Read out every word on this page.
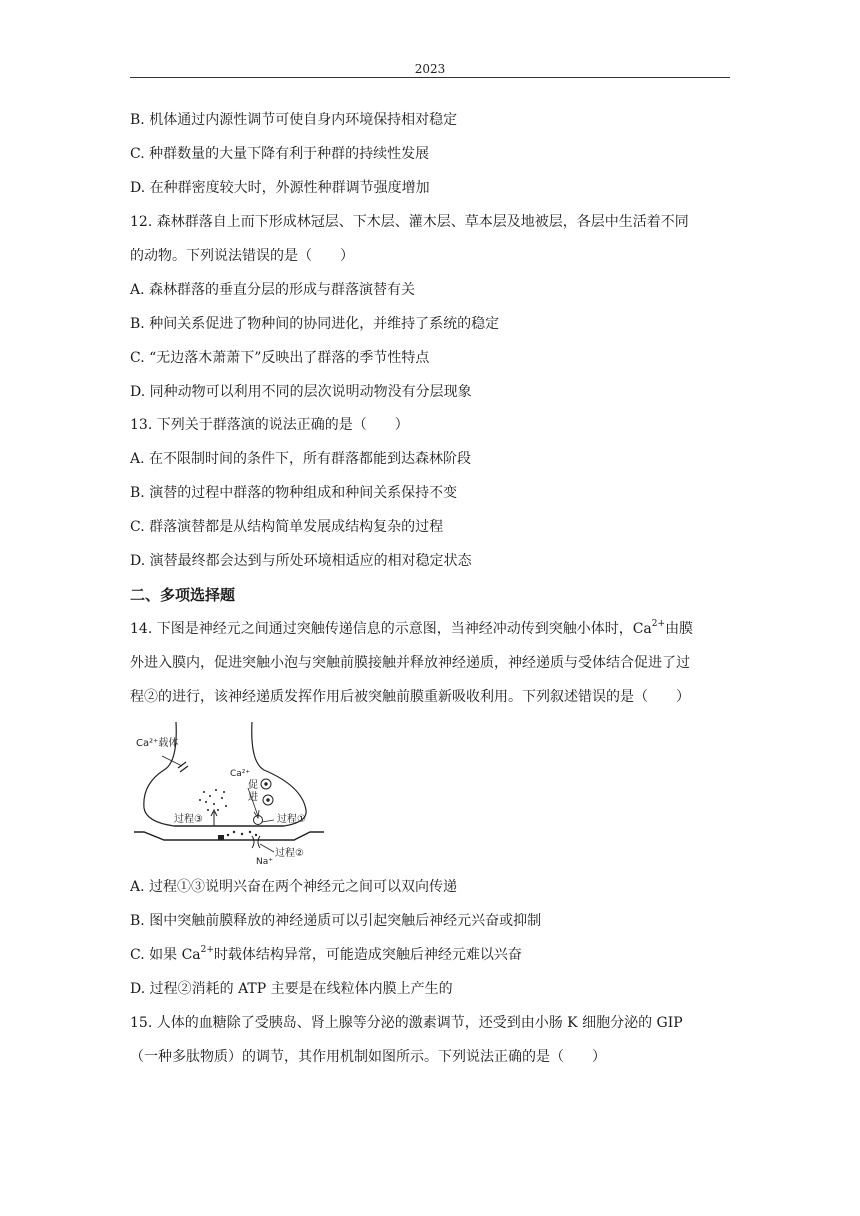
2023
B. 机体通过内源性调节可使自身内环境保持相对稳定
C. 种群数量的大量下降有利于种群的持续性发展
D. 在种群密度较大时，外源性种群调节强度增加
12. 森林群落自上而下形成林冠层、下木层、灌木层、草本层及地被层，各层中生活着不同
的动物。下列说法错误的是（　　）
A. 森林群落的垂直分层的形成与群落演替有关
B. 种间关系促进了物种间的协同进化，并维持了系统的稳定
C. “无边落木萧萧下”反映出了群落的季节性特点
D. 同种动物可以利用不同的层次说明动物没有分层现象
13. 下列关于群落演的说法正确的是（　　）
A. 在不限制时间的条件下，所有群落都能到达森林阶段
B. 演替的过程中群落的物种组成和种间关系保持不变
C. 群落演替都是从结构简单发展成结构复杂的过程
D. 演替最终都会达到与所处环境相适应的相对稳定状态
二、多项选择题
14. 下图是神经元之间通过突触传递信息的示意图，当神经冲动传到突触小体时，$Ca^{2+}$由膜
外进入膜内，促进突触小泡与突触前膜接触并释放神经递质，神经递质与受体结合促进了过
程②的进行，该神经递质发挥作用后被突触前膜重新吸收利用。下列叙述错误的是（　　）
Ca²⁺载体
Ca²⁺
促
进
过程①
过程③
过程②
Na⁺
A. 过程①③说明兴奋在两个神经元之间可以双向传递
B. 图中突触前膜释放的神经递质可以引起突触后神经元兴奋或抑制
C. 如果 $Ca^{2+}$时载体结构异常，可能造成突触后神经元难以兴奋
D. 过程②消耗的 ATP 主要是在线粒体内膜上产生的
15. 人体的血糖除了受胰岛、肾上腺等分泌的激素调节，还受到由小肠 K 细胞分泌的 GIP
（一种多肽物质）的调节，其作用机制如图所示。下列说法正确的是（　　）
